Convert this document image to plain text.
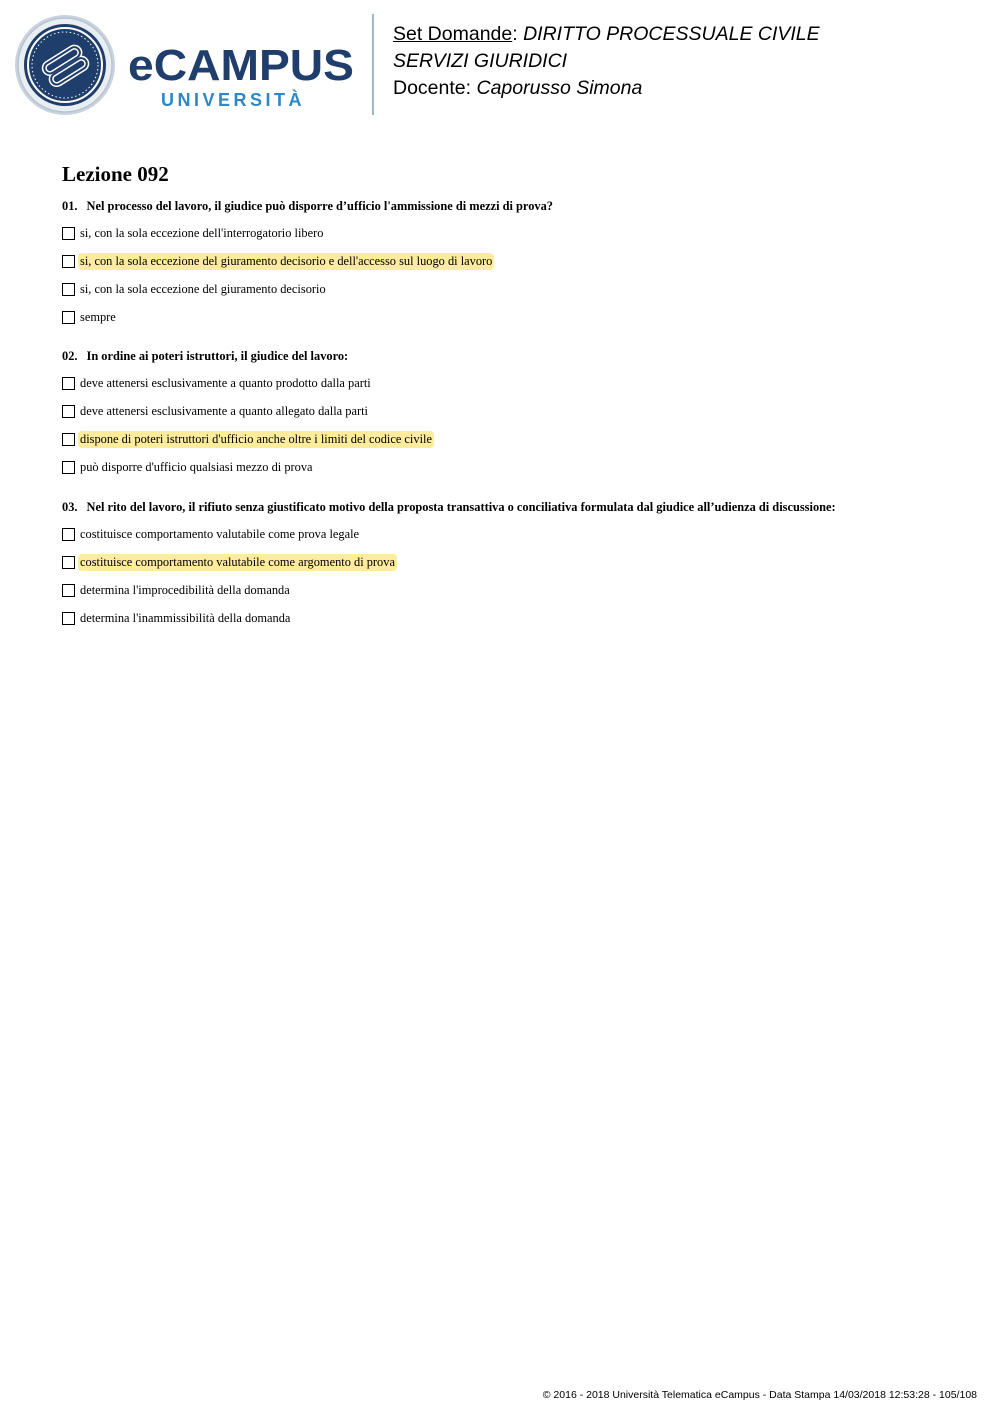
eCAMPUS
UNIVERSITÀ
Set Domande: DIRITTO PROCESSUALE CIVILE
SERVIZI GIURIDICI
Docente: Caporusso Simona
Lezione 092
01. Nel processo del lavoro, il giudice può disporre d’ufficio l'ammissione di mezzi di prova?
si, con la sola eccezione dell'interrogatorio libero
si, con la sola eccezione del giuramento decisorio e dell'accesso sul luogo di lavoro
si, con la sola eccezione del giuramento decisorio
sempre
02. In ordine ai poteri istruttori, il giudice del lavoro:
deve attenersi esclusivamente a quanto prodotto dalla parti
deve attenersi esclusivamente a quanto allegato dalla parti
dispone di poteri istruttori d'ufficio anche oltre i limiti del codice civile
può disporre d'ufficio qualsiasi mezzo di prova
03. Nel rito del lavoro, il rifiuto senza giustificato motivo della proposta transattiva o conciliativa formulata dal giudice all’udienza di discussione:
costituisce comportamento valutabile come prova legale
costituisce comportamento valutabile come argomento di prova
determina l'improcedibilità della domanda
determina l'inammissibilità della domanda
© 2016 - 2018 Università Telematica eCampus - Data Stampa 14/03/2018 12:53:28 - 105/108
